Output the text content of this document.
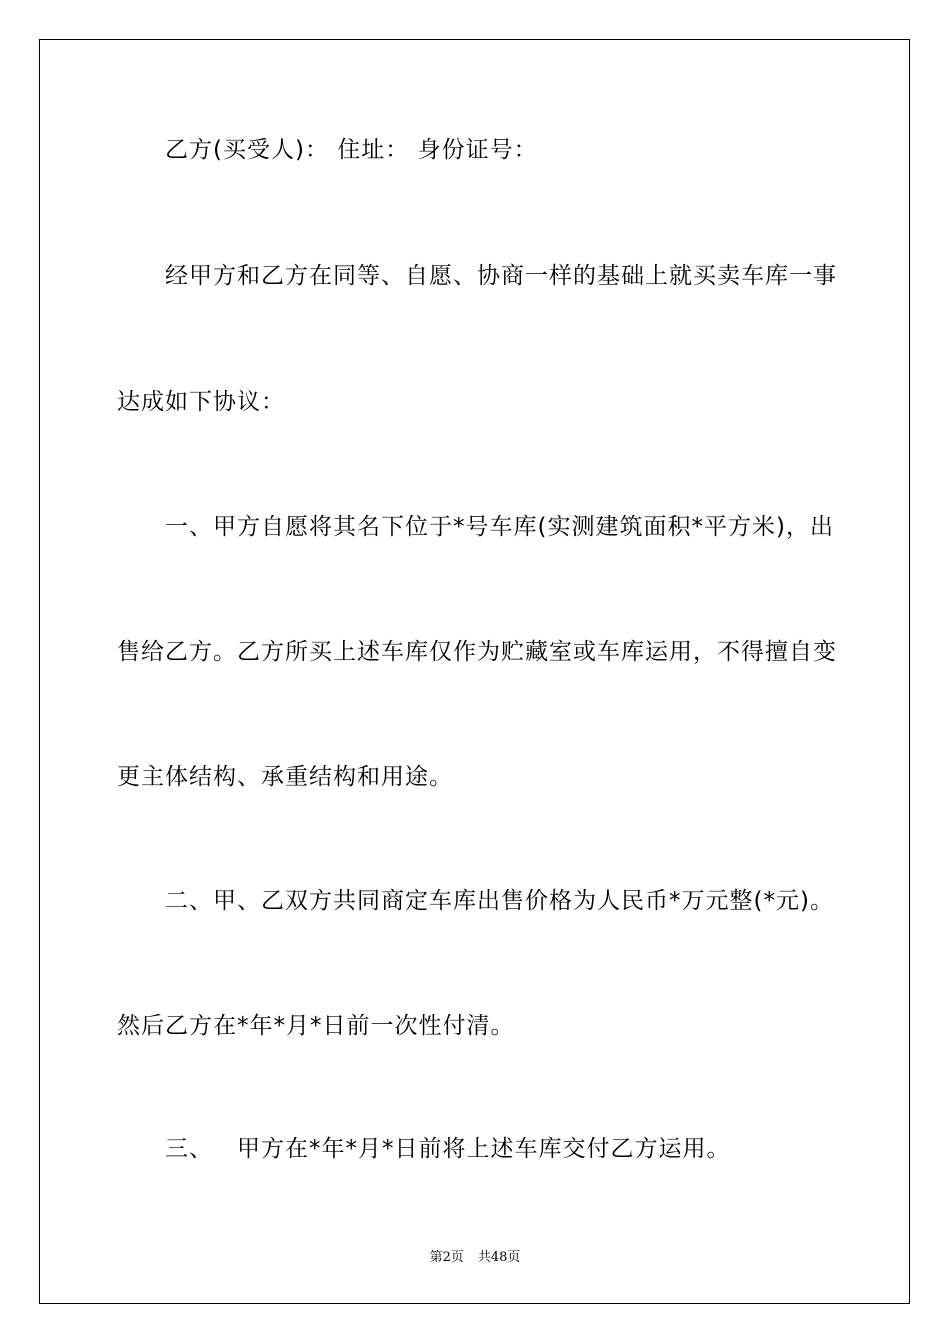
乙方(买受人)： 住址： 身份证号：
经甲方和乙方在同等、自愿、协商一样的基础上就买卖车库一事
达成如下协议：
一、甲方自愿将其名下位于*号车库(实测建筑面积*平方米)，出
售给乙方。乙方所买上述车库仅作为贮藏室或车库运用，不得擅自变
更主体结构、承重结构和用途。
二、甲、乙双方共同商定车库出售价格为人民币*万元整(*元)。
然后乙方在*年*月*日前一次性付清。
三、 甲方在*年*月*日前将上述车库交付乙方运用。
第2页 共48页
